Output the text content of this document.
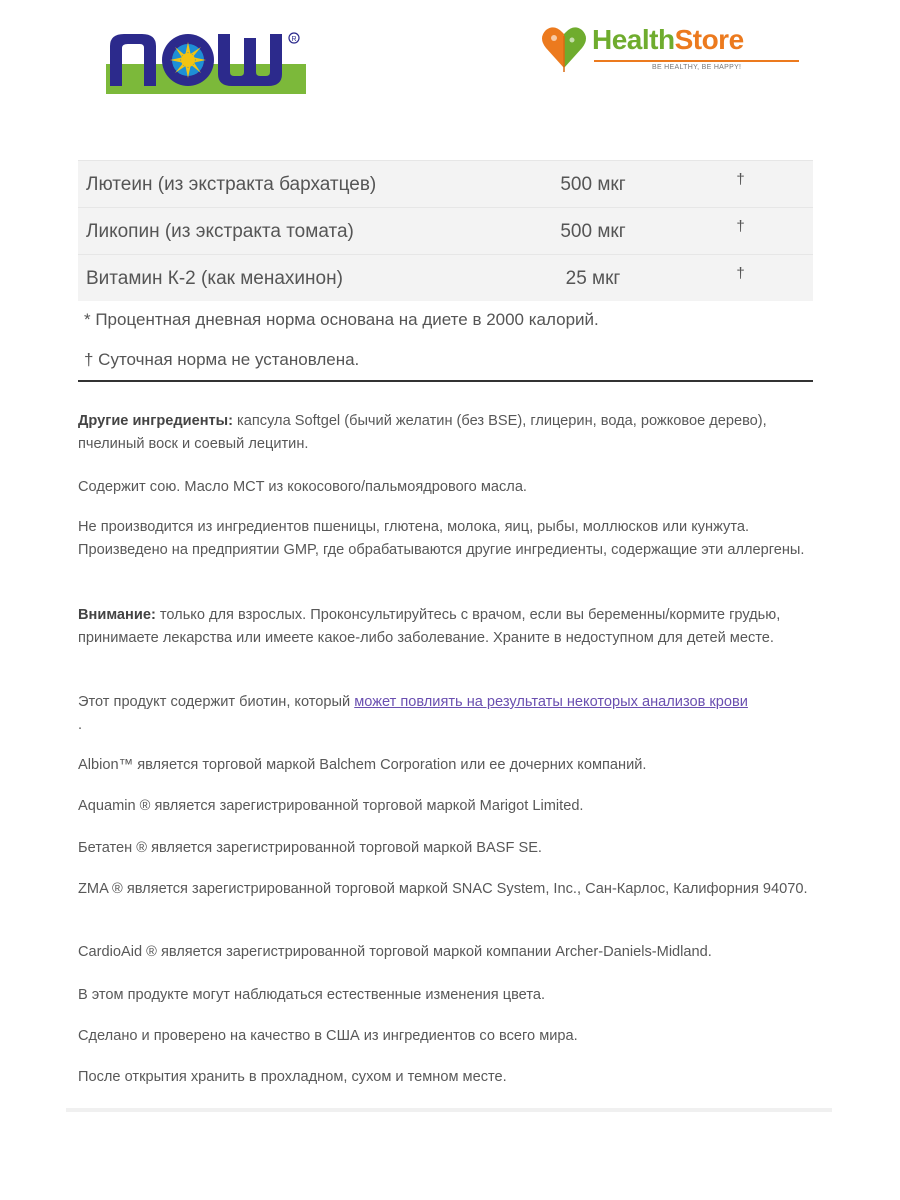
R	HealthStore
BE HEALTHY, BE HAPPY!
Лютеин (из экстракта бархатцев)	500 мкг	†
Ликопин (из экстракта томата)	500 мкг	†
Витамин К-2 (как менахинон)	25 мкг	†

* Процентная дневная норма основана на диете в 2000 калорий.

† Суточная норма не установлена.

Другие ингредиенты: капсула Softgel (бычий желатин (без BSE), глицерин, вода, рожковое дерево), пчелиный воск и соевый лецитин.

Содержит сою. Масло MCT из кокосового/пальмоядрового масла.

Не производится из ингредиентов пшеницы, глютена, молока, яиц, рыбы, моллюсков или кунжута. Произведено на предприятии GMP, где обрабатываются другие ингредиенты, содержащие эти аллергены.

Внимание: только для взрослых. Проконсультируйтесь с врачом, если вы беременны/кормите грудью, принимаете лекарства или имеете какое-либо заболевание. Храните в недоступном для детей месте.

Этот продукт содержит биотин, который может повлиять на результаты некоторых анализов крови
.

Albion™ является торговой маркой Balchem Corporation или ее дочерних компаний.

Aquamin ® является зарегистрированной торговой маркой Marigot Limited.

Бетатен ® является зарегистрированной торговой маркой BASF SE.

ZMA ® является зарегистрированной торговой маркой SNAC System, Inc., Сан-Карлос, Калифорния 94070.

CardioAid ® является зарегистрированной торговой маркой компании Archer-Daniels-Midland.

В этом продукте могут наблюдаться естественные изменения цвета.

Сделано и проверено на качество в США из ингредиентов со всего мира.

После открытия хранить в прохладном, сухом и темном месте.
